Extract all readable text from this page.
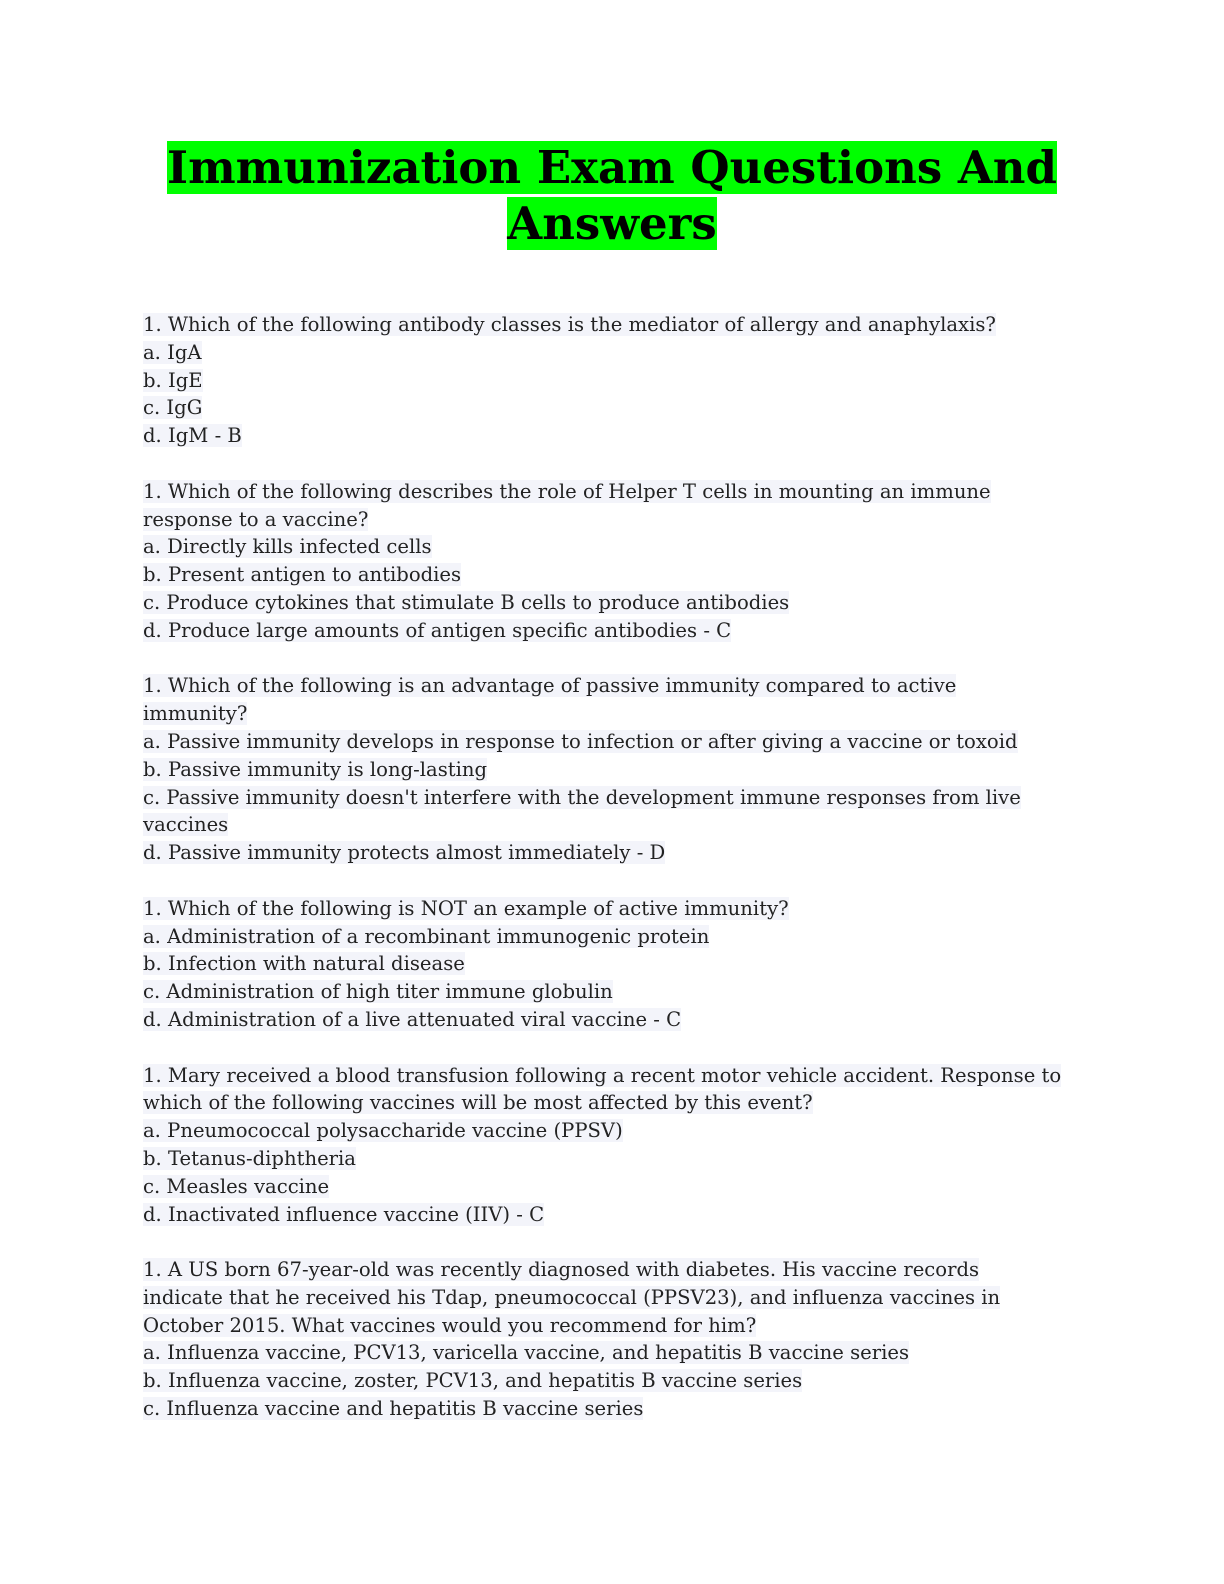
Immunization Exam Questions And
Answers
1. Which of the following antibody classes is the mediator of allergy and anaphylaxis?
a. IgA
b. IgE
c. IgG
d. IgM - B
1. Which of the following describes the role of Helper T cells in mounting an immune
response to a vaccine?
a. Directly kills infected cells
b. Present antigen to antibodies
c. Produce cytokines that stimulate B cells to produce antibodies
d. Produce large amounts of antigen specific antibodies - C
1. Which of the following is an advantage of passive immunity compared to active
immunity?
a. Passive immunity develops in response to infection or after giving a vaccine or toxoid
b. Passive immunity is long-lasting
c. Passive immunity doesn't interfere with the development immune responses from live
vaccines
d. Passive immunity protects almost immediately - D
1. Which of the following is NOT an example of active immunity?
a. Administration of a recombinant immunogenic protein
b. Infection with natural disease
c. Administration of high titer immune globulin
d. Administration of a live attenuated viral vaccine - C
1. Mary received a blood transfusion following a recent motor vehicle accident. Response to
which of the following vaccines will be most affected by this event?
a. Pneumococcal polysaccharide vaccine (PPSV)
b. Tetanus-diphtheria
c. Measles vaccine
d. Inactivated influence vaccine (IIV) - C
1. A US born 67-year-old was recently diagnosed with diabetes. His vaccine records
indicate that he received his Tdap, pneumococcal (PPSV23), and influenza vaccines in
October 2015. What vaccines would you recommend for him?
a. Influenza vaccine, PCV13, varicella vaccine, and hepatitis B vaccine series
b. Influenza vaccine, zoster, PCV13, and hepatitis B vaccine series
c. Influenza vaccine and hepatitis B vaccine series
